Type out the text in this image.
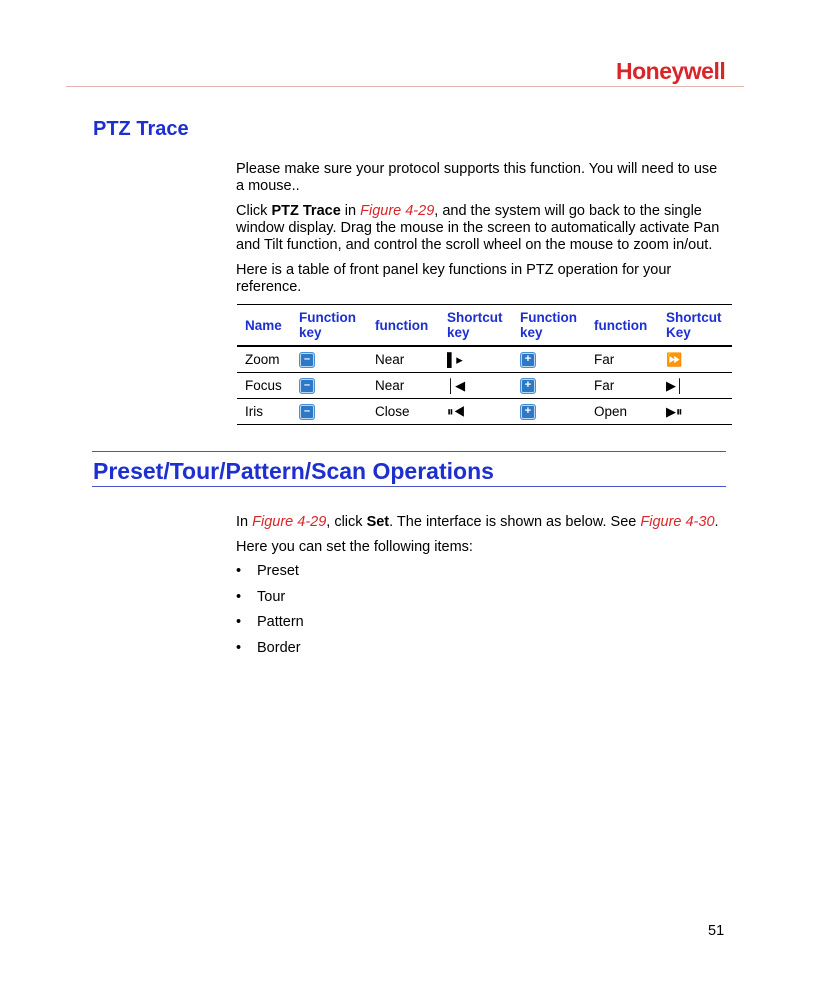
Honeywell
PTZ Trace

Please make sure your protocol supports this function. You will need to use a mouse..

Click PTZ Trace in Figure 4-29, and the system will go back to the single window display. Drag the mouse in the screen to automatically activate Pan and Tilt function, and control the scroll wheel on the mouse to zoom in/out.

Here is a table of front panel key functions in PTZ operation for your reference.

Name	Function key	function	Shortcut key	Function key	function	Shortcut Key
Zoom	–	Near	▌▸	+	Far	⏩
Focus	–	Near	│◀	+	Far	▶│
Iris	–	Close	⏸◀	+	Open	▶⏸
Preset/Tour/Pattern/Scan Operations

In Figure 4-29, click Set. The interface is shown as below. See Figure 4-30.

Here you can set the following items:

• Preset
• Tour
• Pattern
• Border
51
